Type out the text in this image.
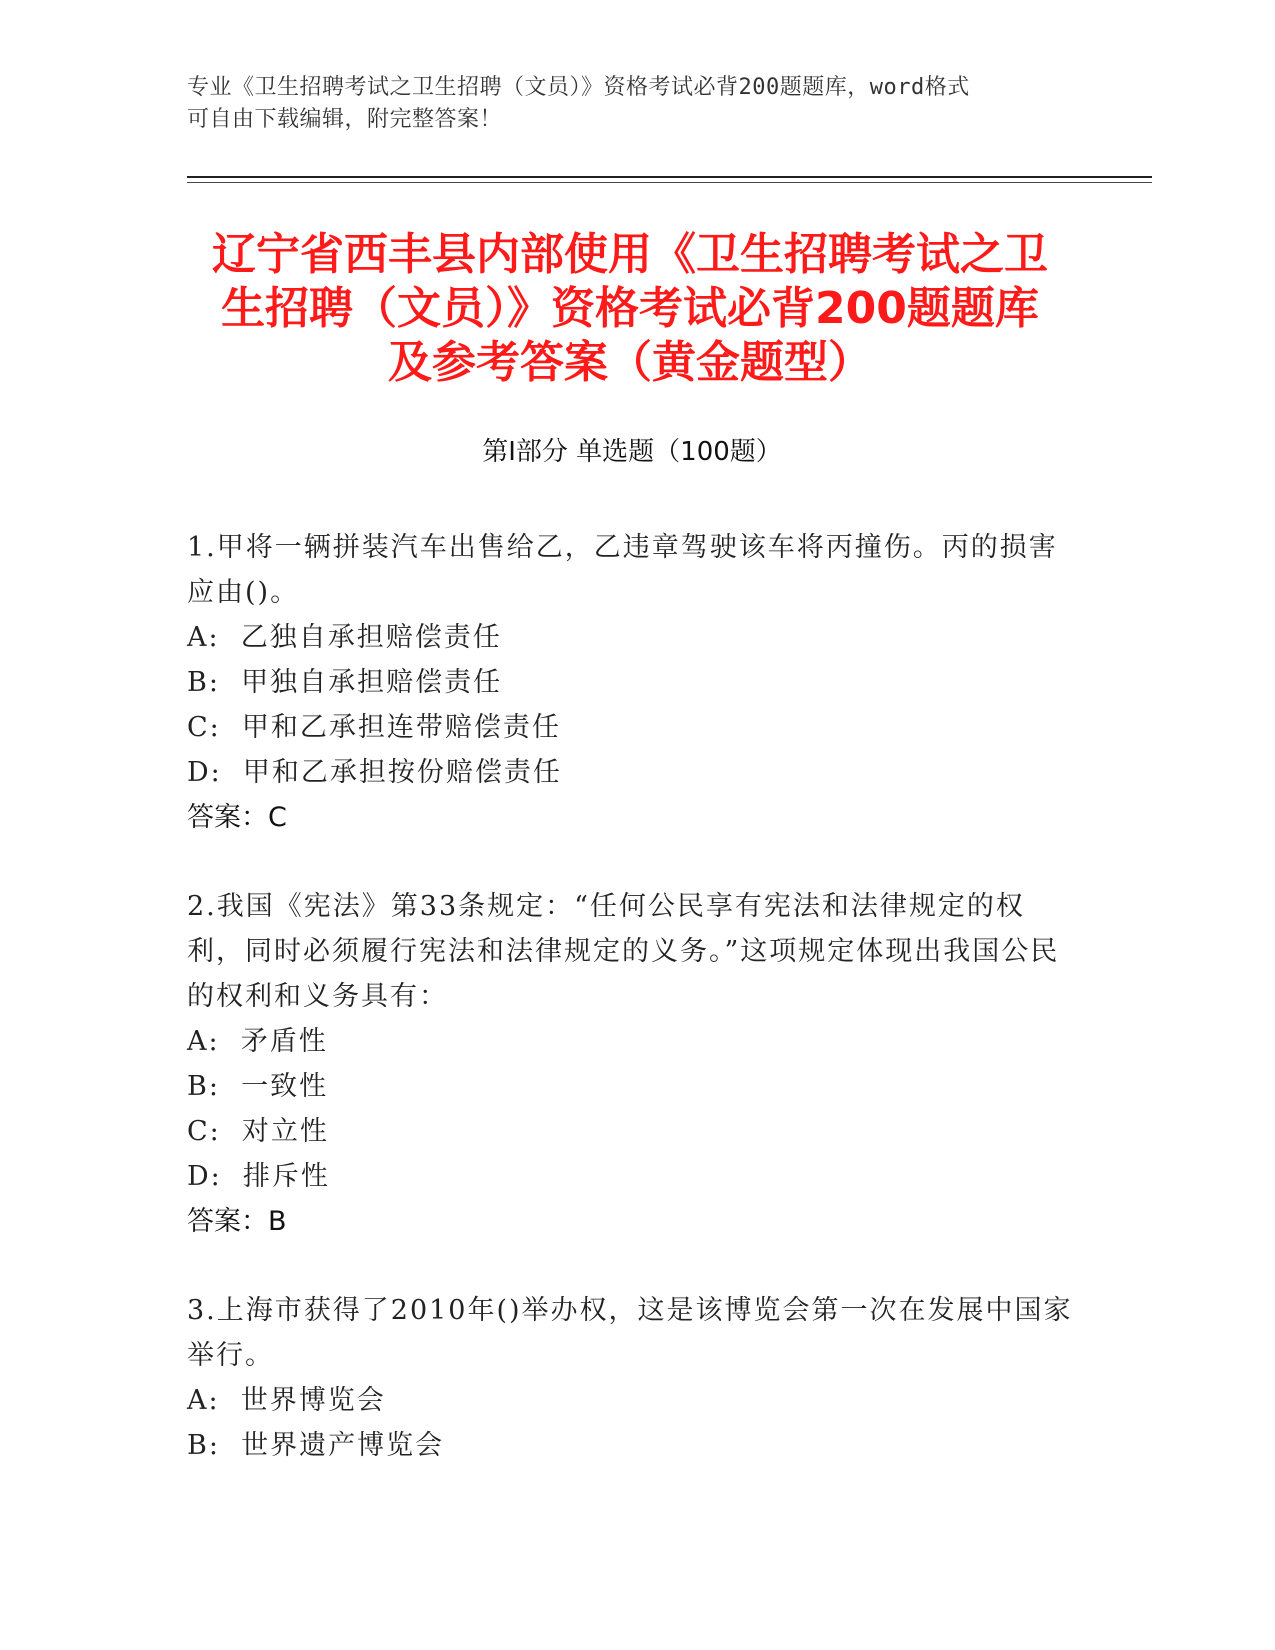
专业《卫生招聘考试之卫生招聘（文员）》资格考试必背200题题库，word格式
可自由下载编辑，附完整答案！
辽宁省西丰县内部使用《卫生招聘考试之卫
生招聘（文员）》资格考试必背200题题库
及参考答案（黄金题型）
第Ⅰ部分 单选题（100题）
1.甲将一辆拼装汽车出售给乙，乙违章驾驶该车将丙撞伤。丙的损害应由()。
A:  乙独自承担赔偿责任
B:  甲独自承担赔偿责任
C:  甲和乙承担连带赔偿责任
D:  甲和乙承担按份赔偿责任
答案：C
2.我国《宪法》第33条规定：“任何公民享有宪法和法律规定的权利，同时必须履行宪法和法律规定的义务。”这项规定体现出我国公民的权利和义务具有：
A:  矛盾性
B:  一致性
C:  对立性
D:  排斥性
答案：B
3.上海市获得了2010年()举办权，这是该博览会第一次在发展中国家举行。
A:  世界博览会
B:  世界遗产博览会
